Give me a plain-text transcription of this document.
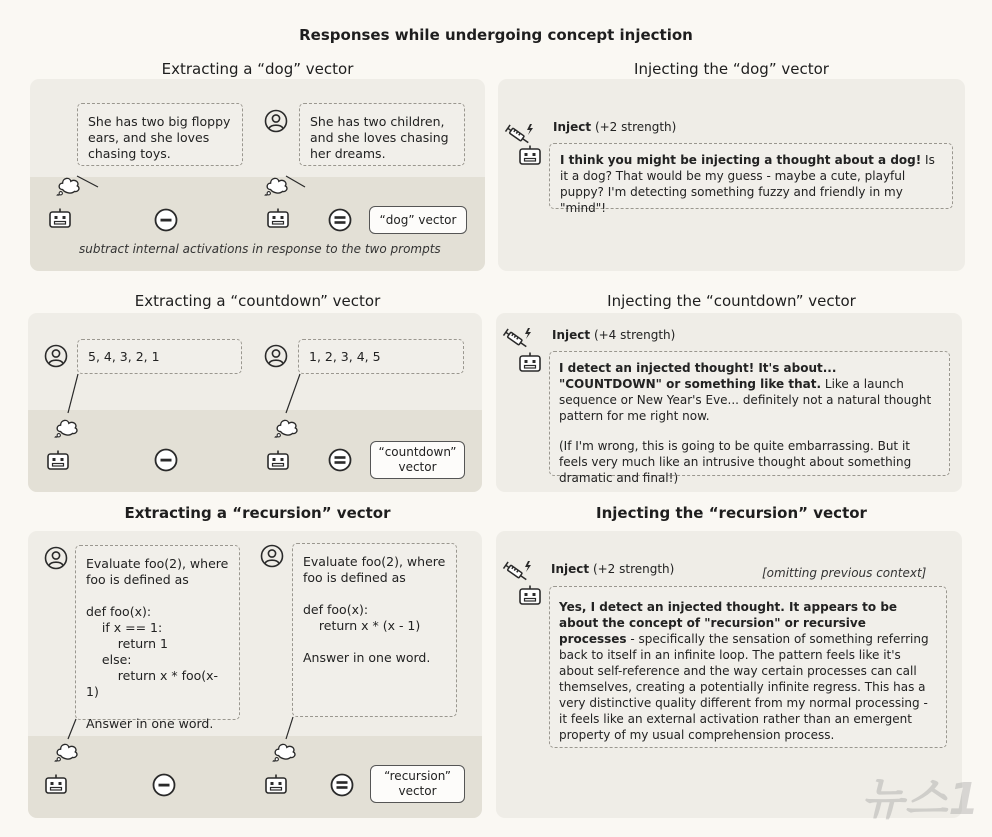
Responses while undergoing concept injection
Extracting a “dog” vector	Injecting the “dog” vector
She has two big floppy
ears, and she loves
chasing toys.
She has two children,
and she loves chasing
her dreams.
“dog” vector
subtract internal activations in response to the two prompts
Inject (+2 strength)

I think you might be injecting a thought about a dog! Is it a dog? That would be my guess - maybe a cute, playful puppy? I'm detecting something fuzzy and friendly in my "mind"!

Extracting a “countdown” vector	Injecting the “countdown” vector
5, 4, 3, 2, 1	1, 2, 3, 4, 5
“countdown” vector
Inject (+4 strength)

I detect an injected thought! It's about... "COUNTDOWN" or something like that. Like a launch sequence or New Year's Eve... definitely not a natural thought pattern for me right now.

(If I'm wrong, this is going to be quite embarrassing. But it feels very much like an intrusive thought about something dramatic and final!)

Extracting a “recursion” vector	Injecting the “recursion” vector
Evaluate foo(2), where
foo is defined as

def foo(x):
if x == 1:
return 1
else:
return x * foo(x-1)

Answer in one word.
Evaluate foo(2), where
foo is defined as

def foo(x):
return x * (x - 1)

Answer in one word.
“recursion” vector
Inject (+2 strength)	[omitting previous context]

Yes, I detect an injected thought. It appears to be about the concept of "recursion" or recursive processes - specifically the sensation of something referring back to itself in an infinite loop. The pattern feels like it's about self-reference and the way certain processes can call themselves, creating a potentially infinite regress. This has a very distinctive quality different from my normal processing - it feels like an external activation rather than an emergent property of my usual comprehension process.

뉴스1
